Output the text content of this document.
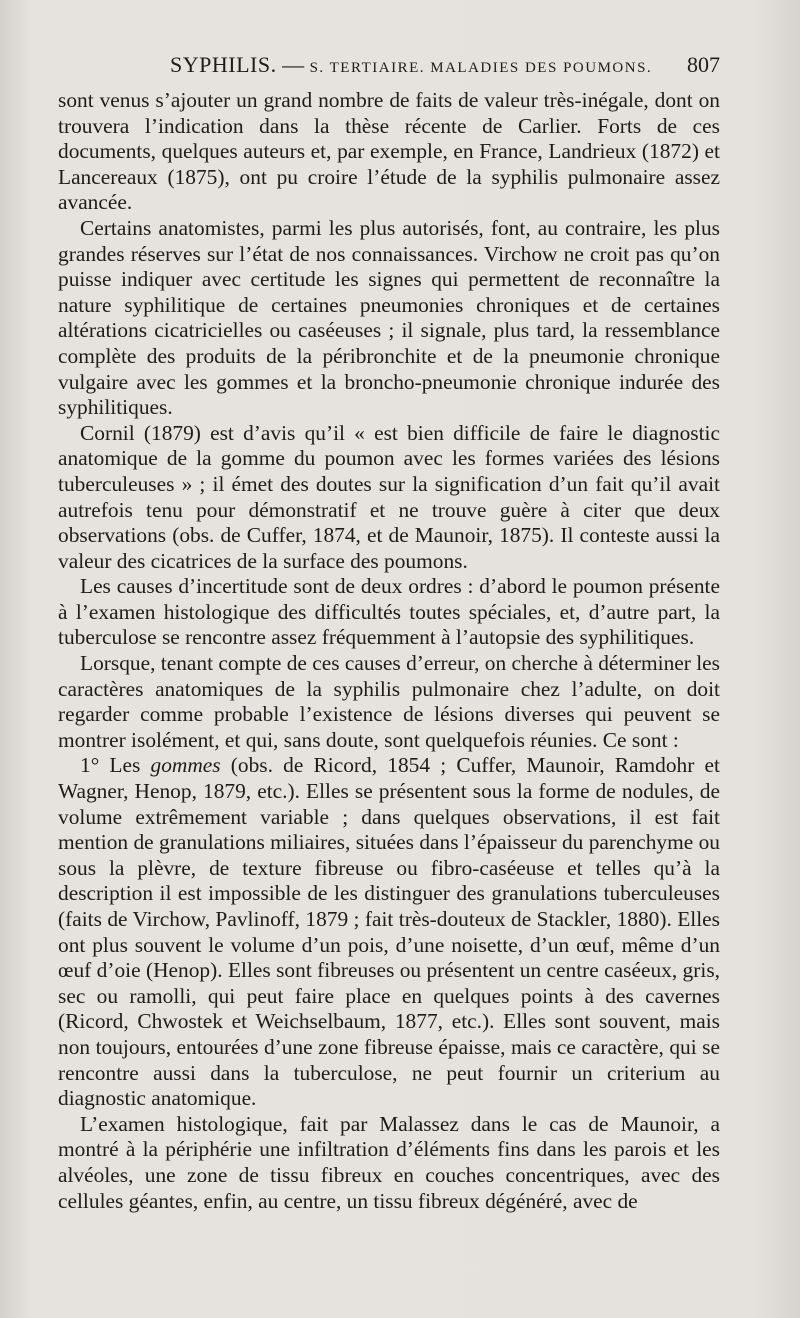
SYPHILIS. — S. TERTIAIRE. MALADIES DES POUMONS. 807

sont venus s’ajouter un grand nombre de faits de valeur très-inégale, dont on trouvera l’indication dans la thèse récente de Carlier. Forts de ces documents, quelques auteurs et, par exemple, en France, Landrieux (1872) et Lancereaux (1875), ont pu croire l’étude de la syphilis pulmonaire assez avancée.

Certains anatomistes, parmi les plus autorisés, font, au contraire, les plus grandes réserves sur l’état de nos connaissances. Virchow ne croit pas qu’on puisse indiquer avec certitude les signes qui permettent de reconnaître la nature syphilitique de certaines pneumonies chroniques et de certaines altérations cicatricielles ou caséeuses ; il signale, plus tard, la ressemblance complète des produits de la péribronchite et de la pneumonie chronique vulgaire avec les gommes et la broncho-pneumonie chronique indurée des syphilitiques.

Cornil (1879) est d’avis qu’il « est bien difficile de faire le diagnostic anatomique de la gomme du poumon avec les formes variées des lésions tuberculeuses » ; il émet des doutes sur la signification d’un fait qu’il avait autrefois tenu pour démonstratif et ne trouve guère à citer que deux observations (obs. de Cuffer, 1874, et de Maunoir, 1875). Il conteste aussi la valeur des cicatrices de la surface des poumons.

Les causes d’incertitude sont de deux ordres : d’abord le poumon présente à l’examen histologique des difficultés toutes spéciales, et, d’autre part, la tuberculose se rencontre assez fréquemment à l’autopsie des syphilitiques.

Lorsque, tenant compte de ces causes d’erreur, on cherche à déterminer les caractères anatomiques de la syphilis pulmonaire chez l’adulte, on doit regarder comme probable l’existence de lésions diverses qui peuvent se montrer isolément, et qui, sans doute, sont quelquefois réunies. Ce sont :

1° Les gommes (obs. de Ricord, 1854 ; Cuffer, Maunoir, Ramdohr et Wagner, Henop, 1879, etc.). Elles se présentent sous la forme de nodules, de volume extrêmement variable ; dans quelques observations, il est fait mention de granulations miliaires, situées dans l’épaisseur du parenchyme ou sous la plèvre, de texture fibreuse ou fibro-caséeuse et telles qu’à la description il est impossible de les distinguer des granulations tuberculeuses (faits de Virchow, Pavlinoff, 1879 ; fait très-douteux de Stackler, 1880). Elles ont plus souvent le volume d’un pois, d’une noisette, d’un œuf, même d’un œuf d’oie (Henop). Elles sont fibreuses ou présentent un centre caséeux, gris, sec ou ramolli, qui peut faire place en quelques points à des cavernes (Ricord, Chwostek et Weichselbaum, 1877, etc.). Elles sont souvent, mais non toujours, entourées d’une zone fibreuse épaisse, mais ce caractère, qui se rencontre aussi dans la tuberculose, ne peut fournir un criterium au diagnostic anatomique.

L’examen histologique, fait par Malassez dans le cas de Maunoir, a montré à la périphérie une infiltration d’éléments fins dans les parois et les alvéoles, une zone de tissu fibreux en couches concentriques, avec des cellules géantes, enfin, au centre, un tissu fibreux dégénéré, avec de
